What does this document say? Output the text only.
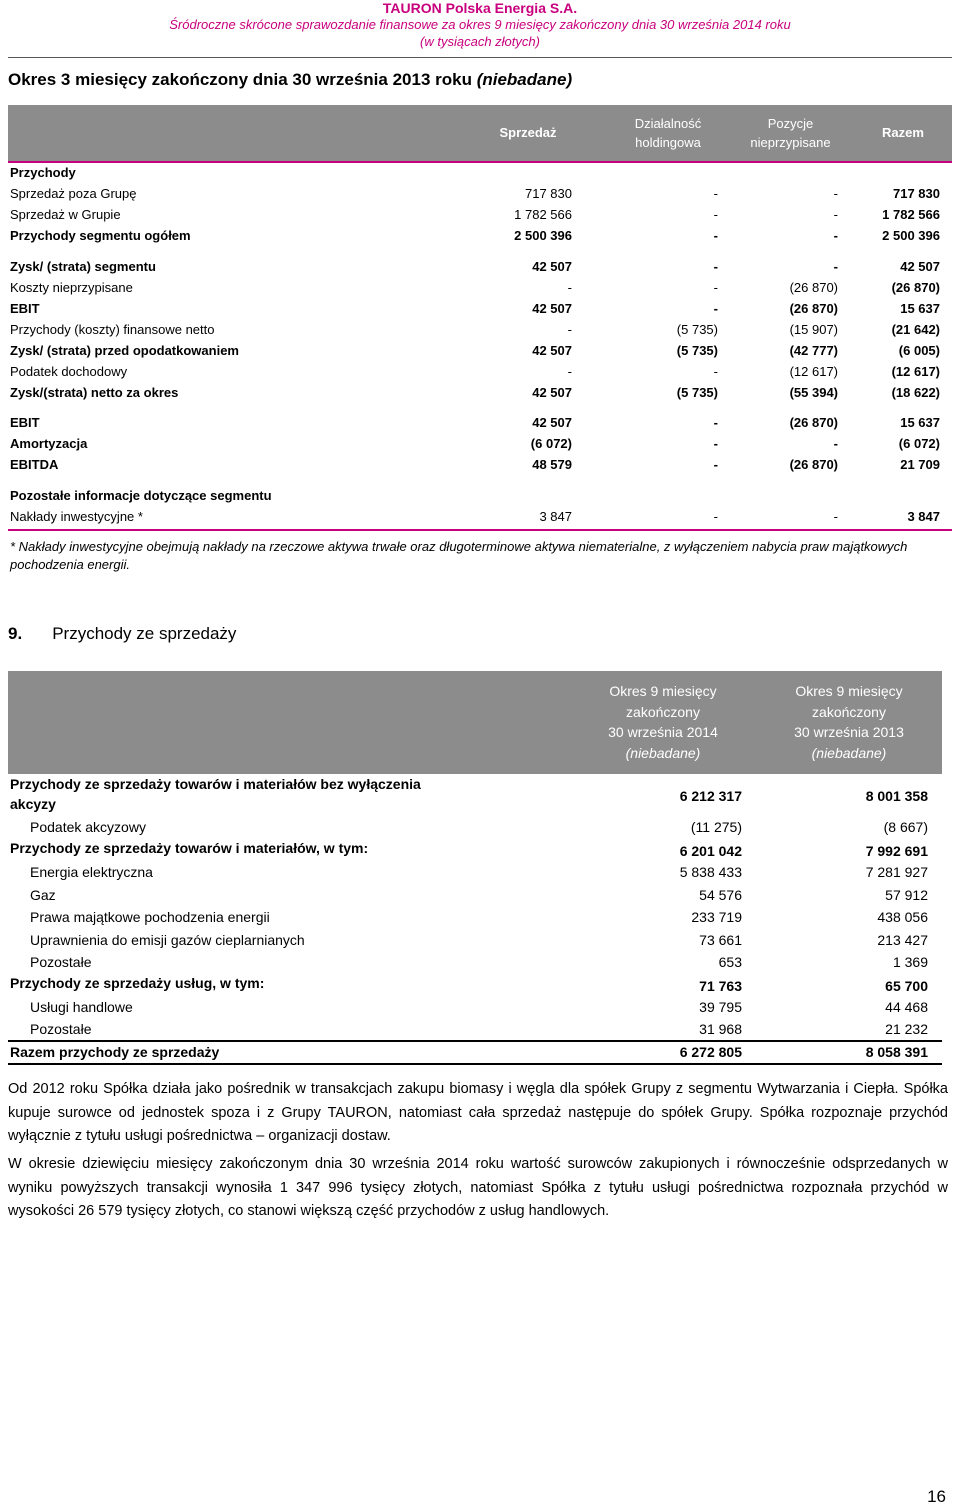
TAURON Polska Energia S.A.
Śródroczne skrócone sprawozdanie finansowe za okres 9 miesięcy zakończony dnia 30 września 2014 roku
(w tysiącach złotych)
Okres 3 miesięcy zakończony dnia 30 września 2013 roku (niebadane)
Sprzedaż
Działalność
holdingowa
Pozycje
nieprzypisane
Razem
Przychody
Sprzedaż poza Grupę	717 830	-	-	717 830
Sprzedaż w Grupie	1 782 566	-	-	1 782 566
Przychody segmentu ogółem	2 500 396	-	-	2 500 396
Zysk/ (strata) segmentu	42 507	-	-	42 507
Koszty nieprzypisane	-	-	(26 870)	(26 870)
EBIT	42 507	-	(26 870)	15 637
Przychody (koszty) finansowe netto	-	(5 735)	(15 907)	(21 642)
Zysk/ (strata) przed opodatkowaniem	42 507	(5 735)	(42 777)	(6 005)
Podatek dochodowy	-	-	(12 617)	(12 617)
Zysk/(strata) netto za okres	42 507	(5 735)	(55 394)	(18 622)
EBIT	42 507	-	(26 870)	15 637
Amortyzacja	(6 072)	-	-	(6 072)
EBITDA	48 579	-	(26 870)	21 709
Pozostałe informacje dotyczące segmentu
Nakłady inwestycyjne *	3 847	-	-	3 847
* Nakłady inwestycyjne obejmują nakłady na rzeczowe aktywa trwałe oraz długoterminowe aktywa niematerialne, z wyłączeniem nabycia praw majątkowych pochodzenia energii.
9. Przychody ze sprzedaży
Okres 9 miesięcy
zakończony
30 września 2014
(niebadane)
Okres 9 miesięcy
zakończony
30 września 2013
(niebadane)
Przychody ze sprzedaży towarów i materiałów bez wyłączenia
akcyzy	6 212 317	8 001 358
Podatek akcyzowy	(11 275)	(8 667)
Przychody ze sprzedaży towarów i materiałów, w tym:	6 201 042	7 992 691
Energia elektryczna	5 838 433	7 281 927
Gaz	54 576	57 912
Prawa majątkowe pochodzenia energii	233 719	438 056
Uprawnienia do emisji gazów cieplarnianych	73 661	213 427
Pozostałe	653	1 369
Przychody ze sprzedaży usług, w tym:	71 763	65 700
Usługi handlowe	39 795	44 468
Pozostałe	31 968	21 232
Razem przychody ze sprzedaży	6 272 805	8 058 391
Od 2012 roku Spółka działa jako pośrednik w transakcjach zakupu biomasy i węgla dla spółek Grupy z segmentu Wytwarzania i Ciepła. Spółka kupuje surowce od jednostek spoza i z Grupy TAURON, natomiast cała sprzedaż następuje do spółek Grupy. Spółka rozpoznaje przychód wyłącznie z tytułu usługi pośrednictwa – organizacji dostaw.
W okresie dziewięciu miesięcy zakończonym dnia 30 września 2014 roku wartość surowców zakupionych i równocześnie odsprzedanych w wyniku powyższych transakcji wynosiła 1 347 996 tysięcy złotych, natomiast Spółka z tytułu usługi pośrednictwa rozpoznała przychód w wysokości 26 579 tysięcy złotych, co stanowi większą część przychodów z usług handlowych.
16
